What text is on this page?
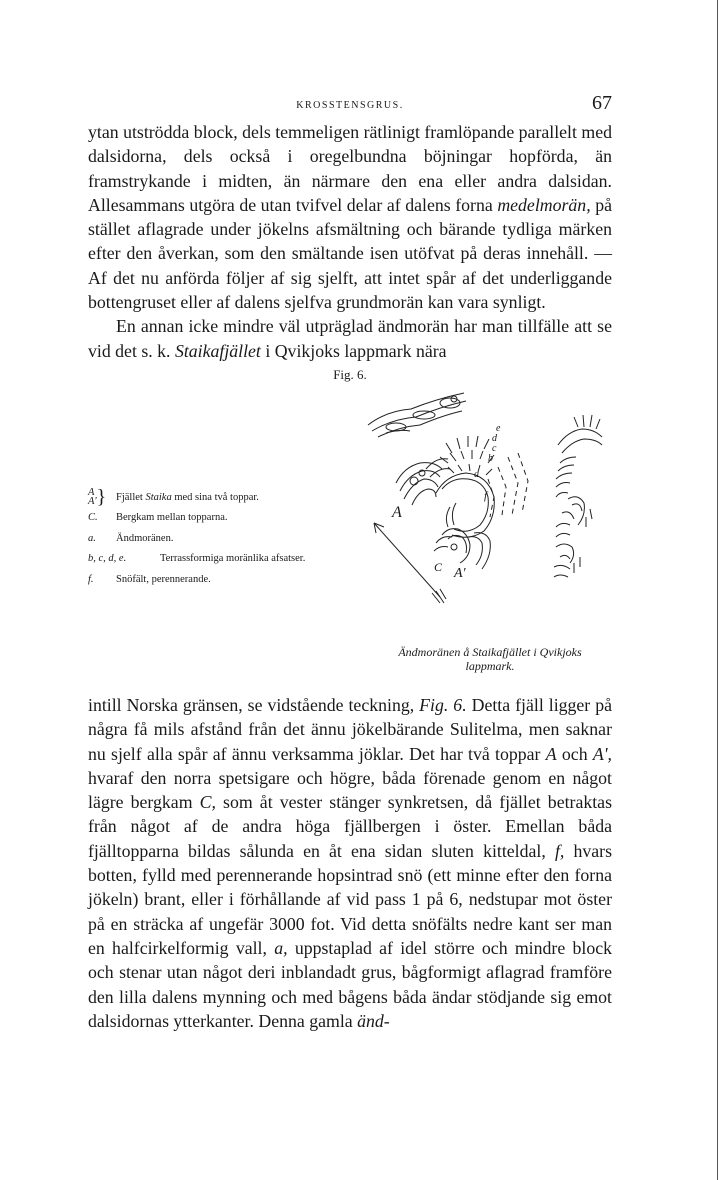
KROSSTENSGRUS.	67

ytan utströdda block, dels temmeligen rätlinigt framlöpande parallelt med dalsidorna, dels också i oregelbundna böjningar hopförda, än framstrykande i midten, än närmare den ena eller andra dalsidan. Allesammans utgöra de utan tvifvel delar af dalens forna medelmorän, på stället aflagrade under jökelns afsmältning och bärande tydliga märken efter den åverkan, som den smältande isen utöfvat på deras innehåll. — Af det nu anförda följer af sig sjelft, att intet spår af det underliggande bottengruset eller af dalens sjelfva grundmorän kan vara synligt.

En annan icke mindre väl utpräglad ändmorän har man tillfälle att se vid det s. k. Staikafjället i Qvikjoks lappmark nära

Fig. 6.
A
A'} Fjället Staika med sina två toppar.
C.	Bergkam mellan topparna.
a.	Ändmoränen.
b, c, d, e.	Terrassformiga moränlika afsatser.
f.	Snöfält, perennerande.
A
A'
C
f
a
b
c
d
e
Ändmoränen å Staikafjället i Qvikjoks
lappmark.

intill Norska gränsen, se vidstående teckning, Fig. 6. Detta fjäll ligger på några få mils afstånd från det ännu jökelbärande Sulitelma, men saknar nu sjelf alla spår af ännu verksamma jöklar. Det har två toppar A och A', hvaraf den norra spetsigare och högre, båda förenade genom en något lägre bergkam C, som åt vester stänger synkretsen, då fjället betraktas från något af de andra höga fjällbergen i öster. Emellan båda fjälltopparna bildas sålunda en åt ena sidan sluten kitteldal, f, hvars botten, fylld med perennerande hopsintrad snö (ett minne efter den forna jökeln) brant, eller i förhållande af vid pass 1 på 6, nedstupar mot öster på en sträcka af ungefär 3000 fot. Vid detta snöfälts nedre kant ser man en halfcirkelformig vall, a, uppstaplad af idel större och mindre block och stenar utan något deri inblandadt grus, bågformigt aflagrad framföre den lilla dalens mynning och med bågens båda ändar stödjande sig emot dalsidornas ytterkanter. Denna gamla änd-
